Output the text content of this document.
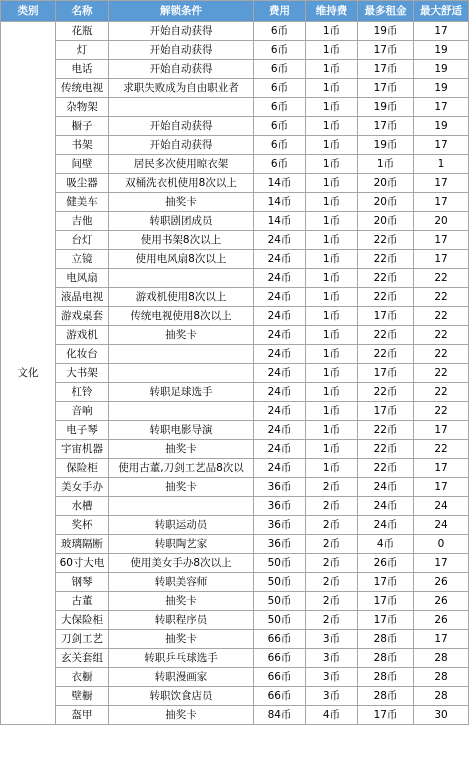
类别	名称	解锁条件	费用	维持费	最多租金	最大舒适
文化	花瓶	开始自动获得	6币	1币	19币	17
	灯	开始自动获得	6币	1币	17币	19
	电话	开始自动获得	6币	1币	17币	19
	传统电视	求职失败成为自由职业者	6币	1币	17币	19
	杂物架		6币	1币	19币	17
	橱子	开始自动获得	6币	1币	17币	19
	书架	开始自动获得	6币	1币	19币	17
	间壁	居民多次使用晾衣架	6币	1币	1币	1
	吸尘器	双桶洗衣机使用8次以上	14币	1币	20币	17
	健美车	抽奖卡	14币	1币	20币	17
	吉他	转职剧团成员	14币	1币	20币	20
	台灯	使用书架8次以上	24币	1币	22币	17
	立镜	使用电风扇8次以上	24币	1币	22币	17
	电风扇		24币	1币	22币	22
	液晶电视	游戏机使用8次以上	24币	1币	22币	22
	游戏桌套	传统电视使用8次以上	24币	1币	17币	22
	游戏机	抽奖卡	24币	1币	22币	22
	化妆台		24币	1币	22币	22
	大书架		24币	1币	17币	22
	杠铃	转职足球选手	24币	1币	22币	22
	音响		24币	1币	17币	22
	电子琴	转职电影导演	24币	1币	22币	17
	宇宙机器	抽奖卡	24币	1币	22币	22
	保险柜	使用古董,刀剑工艺品8次以	24币	1币	22币	17
	美女手办	抽奖卡	36币	2币	24币	17
	水槽		36币	2币	24币	24
	奖杯	转职运动员	36币	2币	24币	24
	玻璃隔断	转职陶艺家	36币	2币	4币	0
	60寸大电	使用美女手办8次以上	50币	2币	26币	17
	钢琴	转职美容师	50币	2币	17币	26
	古董	抽奖卡	50币	2币	17币	26
	大保险柜	转职程序员	50币	2币	17币	26
	刀剑工艺	抽奖卡	66币	3币	28币	17
	玄关套组	转职乒乓球选手	66币	3币	28币	28
	衣橱	转职漫画家	66币	3币	28币	28
	壁橱	转职饮食店员	66币	3币	28币	28
	盔甲	抽奖卡	84币	4币	17币	30
